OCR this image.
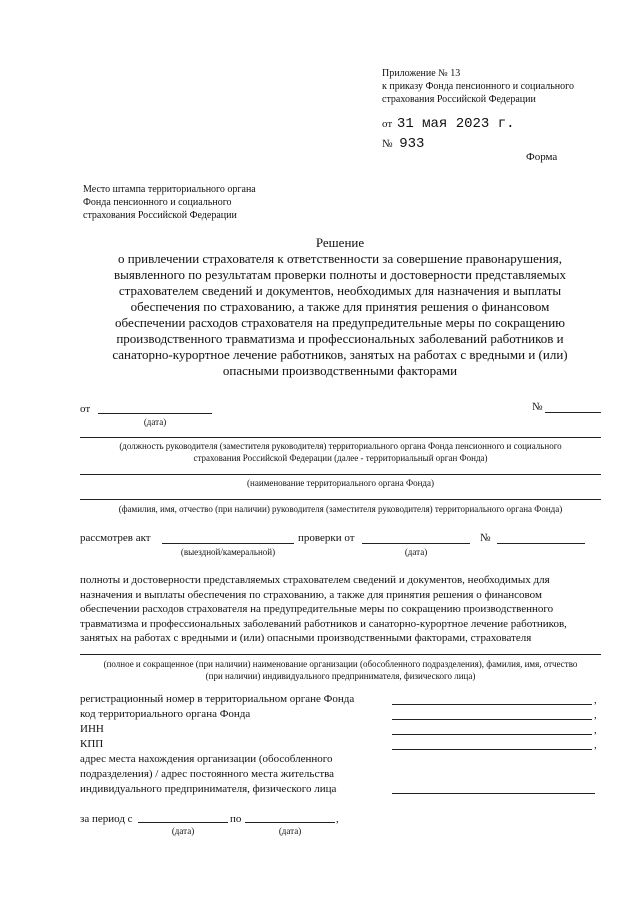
Приложение № 13
к приказу Фонда пенсионного и социального
страхования Российской Федерации
от 31 мая 2023 г.
№ 933
Форма
Место штампа территориального органа
Фонда пенсионного и социального
страхования Российской Федерации
Решение
о привлечении страхователя к ответственности за совершение правонарушения,
выявленного по результатам проверки полноты и достоверности представляемых
страхователем сведений и документов, необходимых для назначения и выплаты
обеспечения по страхованию, а также для принятия решения о финансовом
обеспечении расходов страхователя на предупредительные меры по сокращению
производственного травматизма и профессиональных заболеваний работников и
санаторно-курортное лечение работников, занятых на работах с вредными и (или)
опасными производственными факторами
от
(дата)
№
(должность руководителя (заместителя руководителя) территориального органа Фонда пенсионного и социального
страхования Российской Федерации (далее - территориальный орган Фонда)
(наименование территориального органа Фонда)
(фамилия, имя, отчество (при наличии) руководителя (заместителя руководителя) территориального органа Фонда)
рассмотрев акт
(выездной/камеральной)
проверки от
(дата)
№
полноты и достоверности представляемых страхователем сведений и документов, необходимых для
назначения и выплаты обеспечения по страхованию, а также для принятия решения о финансовом
обеспечении расходов страхователя на предупредительные меры по сокращению производственного
травматизма и профессиональных заболеваний работников и санаторно-курортное лечение работников,
занятых на работах с вредными и (или) опасными производственными факторами, страхователя
(полное и сокращенное (при наличии) наименование организации (обособленного подразделения), фамилия, имя, отчество
(при наличии) индивидуального предпринимателя, физического лица)
регистрационный номер в территориальном органе Фонда
код территориального органа Фонда
ИНН
КПП
адрес места нахождения организации (обособленного
подразделения) / адрес постоянного места жительства
индивидуального предпринимателя, физического лица
,
,
,
,
за период с
(дата)
по
(дата)
,
